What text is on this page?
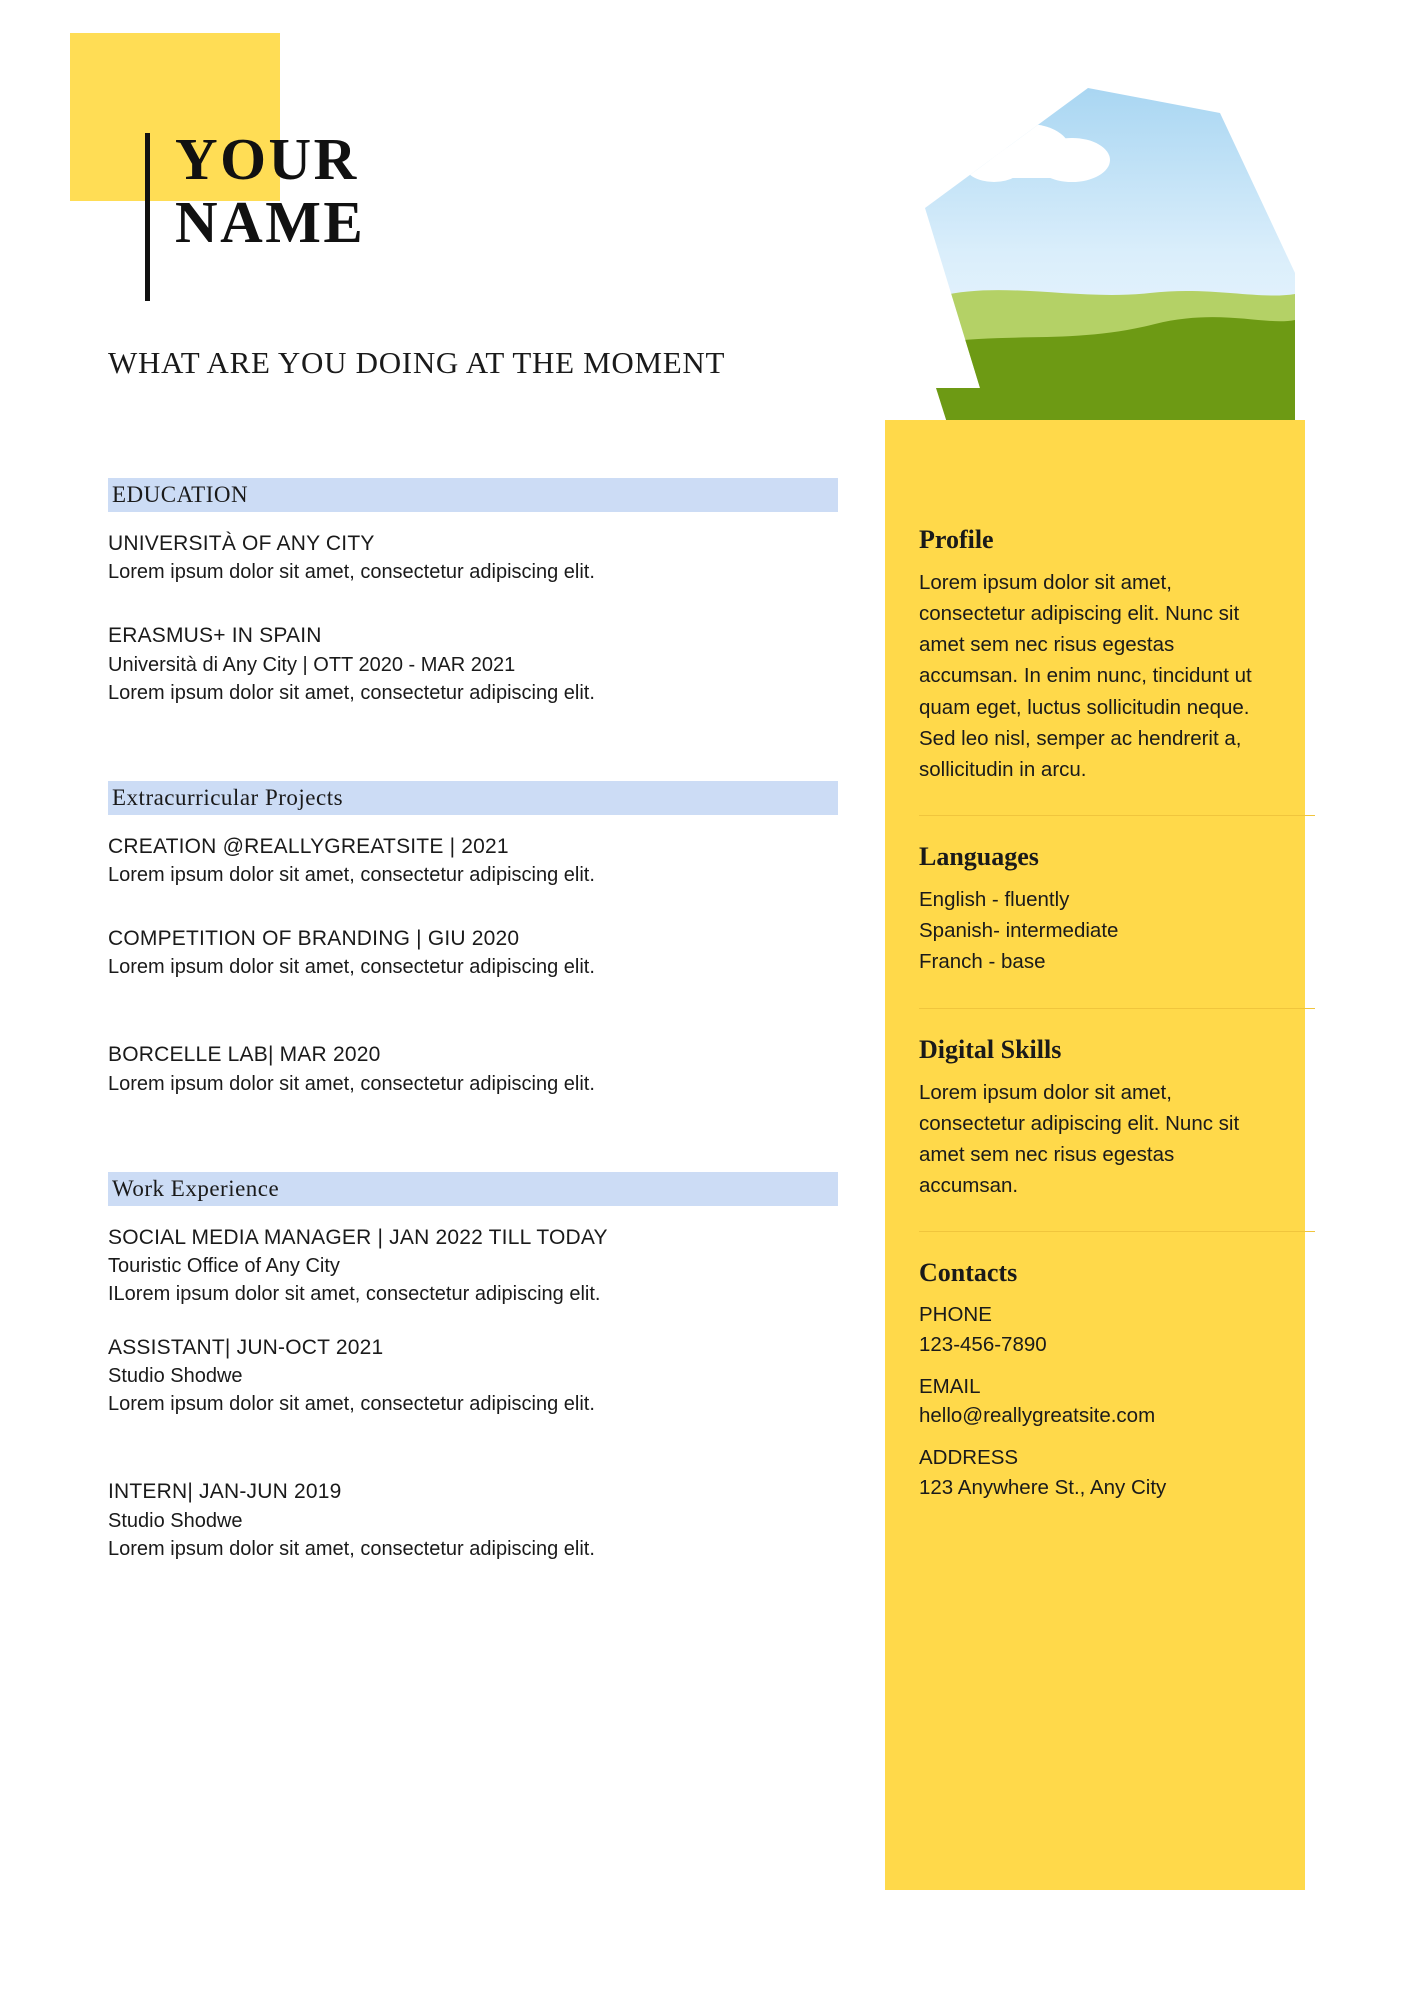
YOUR
NAME
WHAT ARE YOU DOING AT THE MOMENT
EDUCATION
UNIVERSITÀ OF ANY CITY
Lorem ipsum dolor sit amet, consectetur adipiscing elit.
ERASMUS+ IN SPAIN
Università di Any City | OTT 2020 - MAR 2021
Lorem ipsum dolor sit amet, consectetur adipiscing elit.
Extracurricular Projects
CREATION @REALLYGREATSITE | 2021
Lorem ipsum dolor sit amet, consectetur adipiscing elit.
COMPETITION OF BRANDING | GIU 2020
Lorem ipsum dolor sit amet, consectetur adipiscing elit.
BORCELLE LAB| MAR 2020
Lorem ipsum dolor sit amet, consectetur adipiscing elit.
Work Experience
SOCIAL MEDIA MANAGER | JAN 2022 TILL TODAY
Touristic Office of Any City
ILorem ipsum dolor sit amet, consectetur adipiscing elit.
ASSISTANT| JUN-OCT 2021
Studio Shodwe
Lorem ipsum dolor sit amet, consectetur adipiscing elit.
INTERN| JAN-JUN 2019
Studio Shodwe
Lorem ipsum dolor sit amet, consectetur adipiscing elit.
Profile
Lorem ipsum dolor sit amet, consectetur adipiscing elit. Nunc sit amet sem nec risus egestas accumsan. In enim nunc, tincidunt ut quam eget, luctus sollicitudin neque. Sed leo nisl, semper ac hendrerit a, sollicitudin in arcu.
Languages
English - fluently
Spanish- intermediate
Franch - base
Digital Skills
Lorem ipsum dolor sit amet, consectetur adipiscing elit. Nunc sit amet sem nec risus egestas accumsan.
Contacts
PHONE
123-456-7890
EMAIL
hello@reallygreatsite.com
ADDRESS
123 Anywhere St., Any City
